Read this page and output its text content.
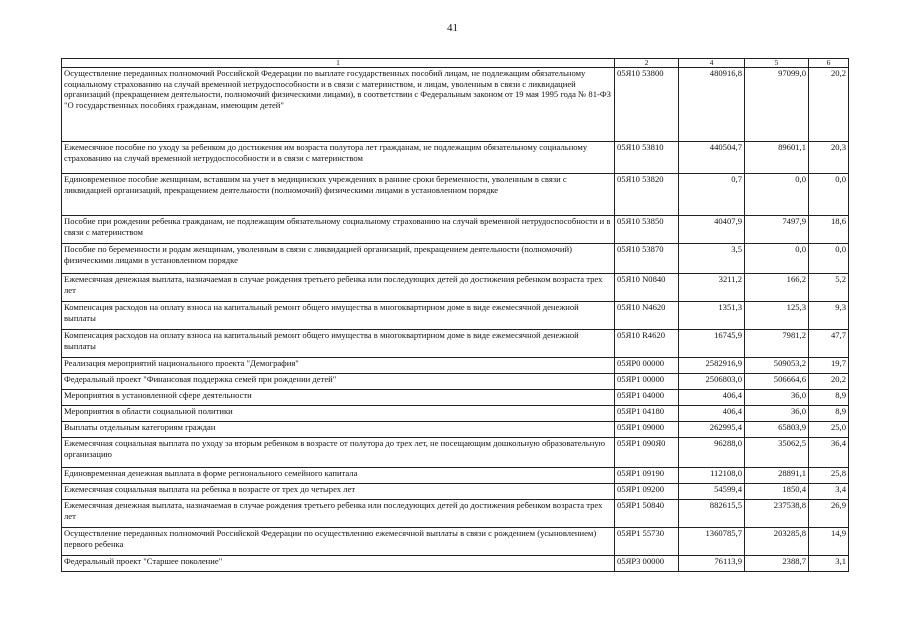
41
1	2	4	5	6
Осуществление переданных полномочий Российской Федерации по выплате государственных пособий лицам, не подлежащим обязательному социальному страхованию на случай временной нетрудоспособности и в связи с материнством, и лицам, уволенным в связи с ликвидацией организаций (прекращением деятельности, полномочий физическими лицами), в соответствии с Федеральным законом от 19 мая 1995 года № 81-ФЗ "О государственных пособиях гражданам, имеющим детей"	05Я10 53800	480916,8	97099,0	20,2
Ежемесячное пособие по уходу за ребенком до достижения им возраста полутора лет гражданам, не подлежащим обязательному социальному страхованию на случай временной нетрудоспособности и в связи с материнством	05Я10 53810	440504,7	89601,1	20,3
Единовременное пособие женщинам, вставшим на учет в медицинских учреждениях в ранние сроки беременности, уволенным в связи с ликвидацией организаций, прекращением деятельности (полномочий) физическими лицами в установленном порядке	05Я10 53820	0,7	0,0	0,0
Пособие при рождении ребенка гражданам, не подлежащим обязательному социальному страхованию на случай временной нетрудоспособности и в связи с материнством	05Я10 53850	40407,9	7497,9	18,6
Пособие по беременности и родам женщинам, уволенным в связи с ликвидацией организаций, прекращением деятельности (полномочий) физическими лицами в установленном порядке	05Я10 53870	3,5	0,0	0,0
Ежемесячная денежная выплата, назначаемая в случае рождения третьего ребенка или последующих детей до достижения ребенком возраста трех лет	05Я10 N0840	3211,2	166,2	5,2
Компенсация расходов на оплату взноса на капитальный ремонт общего имущества в многоквартирном доме в виде ежемесячной денежной выплаты	05Я10 N4620	1351,3	125,3	9,3
Компенсация расходов на оплату взноса на капитальный ремонт общего имущества в многоквартирном доме в виде ежемесячной денежной выплаты	05Я10 R4620	16745,9	7981,2	47,7
Реализация мероприятий национального проекта "Демография"	05ЯР0 00000	2582916,9	509053,2	19,7
Федеральный проект "Финансовая поддержка семей при рождении детей"	05ЯР1 00000	2506803,0	506664,6	20,2
Мероприятия в установленной сфере деятельности	05ЯР1 04000	406,4	36,0	8,9
Мероприятия в области социальной политики	05ЯР1 04180	406,4	36,0	8,9
Выплаты отдельным категориям граждан	05ЯР1 09000	262995,4	65803,9	25,0
Ежемесячная социальная выплата по уходу за вторым ребенком в возрасте от полутора до трех лет, не посещающим дошкольную образовательную организацию	05ЯР1 090Я0	96288,0	35062,5	36,4
Единовременная денежная выплата в форме регионального семейного капитала	05ЯР1 09190	112108,0	28891,1	25,8
Ежемесячная социальная выплата на ребенка в возрасте от трех до четырех лет	05ЯР1 09200	54599,4	1850,4	3,4
Ежемесячная денежная выплата, назначаемая в случае рождения третьего ребенка или последующих детей до достижения ребенком возраста трех лет	05ЯР1 50840	882615,5	237538,8	26,9
Осуществление переданных полномочий Российской Федерации по осуществлению ежемесячной выплаты в связи с рождением (усыновлением) первого ребенка	05ЯР1 55730	1360785,7	203285,8	14,9
Федеральный проект "Старшее поколение"	05ЯР3 00000	76113,9	2388,7	3,1
